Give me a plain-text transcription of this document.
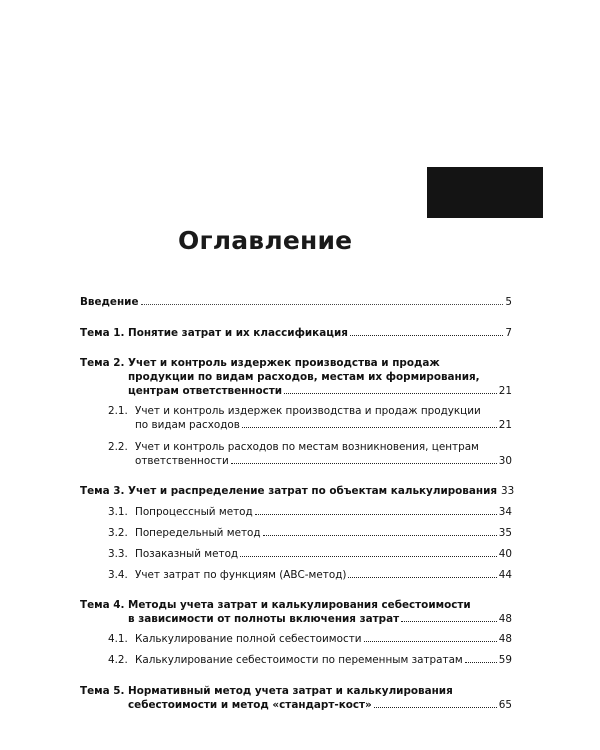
Оглавление
Введение	5
Тема 1. Понятие затрат и их классификация	7
Тема 2. Учет и контроль издержек производства и продаж
продукции по видам расходов, местам их формирования,
центрам ответственности	21
2.1. Учет и контроль издержек производства и продаж продукции
по видам расходов	21
2.2. Учет и контроль расходов по местам возникновения, центрам
ответственности	30
Тема 3. Учет и распределение затрат по объектам калькулирования 33
3.1. Попроцессный метод	34
3.2. Попередельный метод	35
3.3. Позаказный метод	40
3.4. Учет затрат по функциям (АВС-метод)	44
Тема 4. Методы учета затрат и калькулирования себестоимости
в зависимости от полноты включения затрат	48
4.1. Калькулирование полной себестоимости	48
4.2. Калькулирование себестоимости по переменным затратам	59
Тема 5. Нормативный метод учета затрат и калькулирования
себестоимости и метод «стандарт-кост»	65
